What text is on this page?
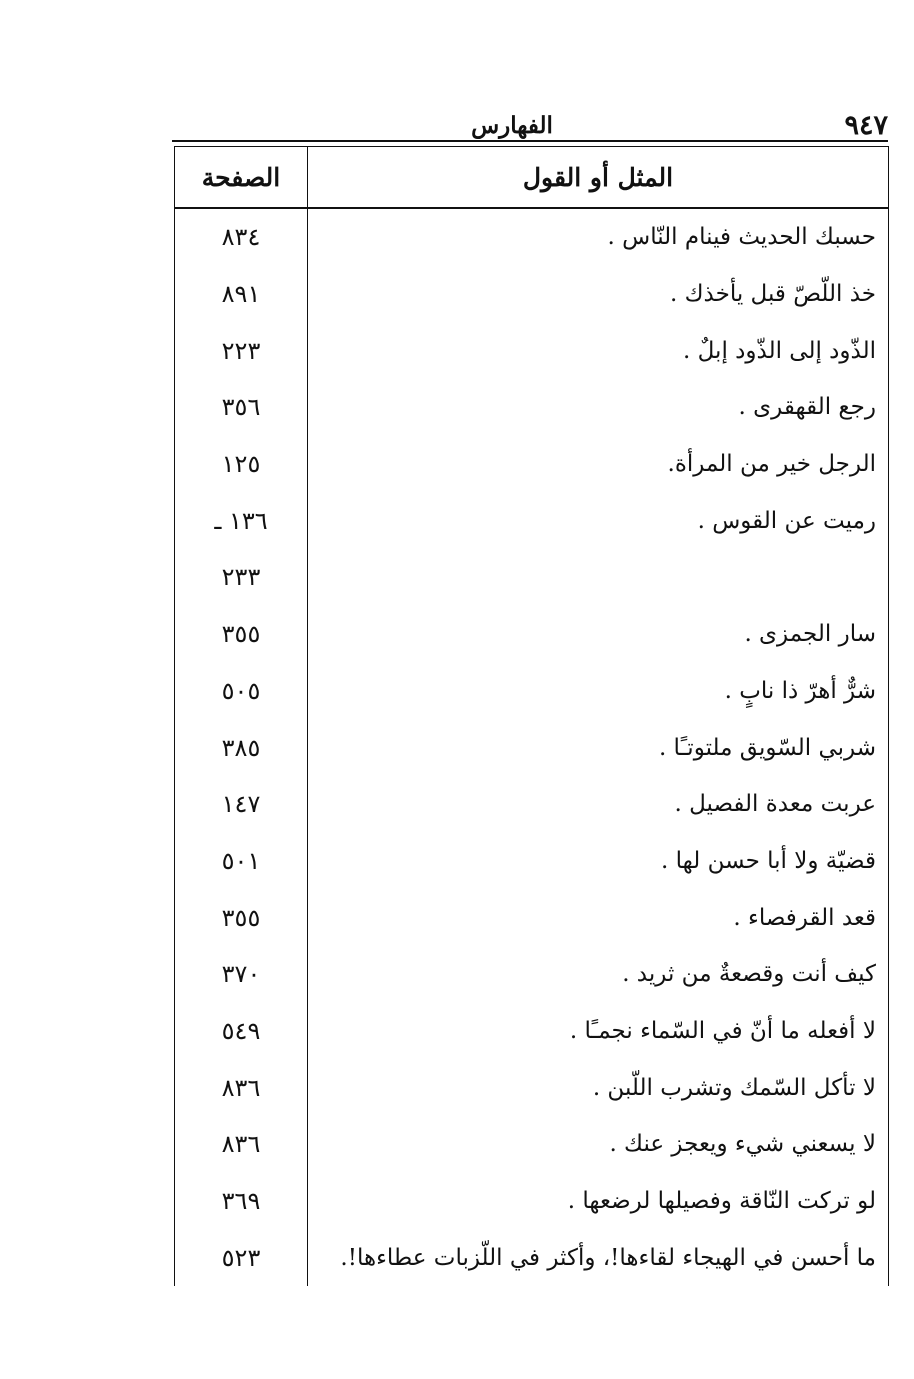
٩٤٧
الفهارس
المثل أو القول	الصفحة
حسبك الحديث فينام النّاس .	٨٣٤
خذ اللّصّ قبل يأخذك .	٨٩١
الذّود إلى الذّود إبلٌ .	٢٢٣
رجع القهقرى .	٣٥٦
الرجل خير من المرأة.	١٢٥
رميت عن القوس .	١٣٦ ـ
	٢٣٣
سار الجمزى .	٣٥٥
شرٌّ أهرّ ذا نابٍ .	٥٠٥
شربي السّويق ملتوتـًا .	٣٨٥
عربت معدة الفصيل .	١٤٧
قضيّة ولا أبا حسن لها .	٥٠١
قعد القرفصاء .	٣٥٥
كيف أنت وقصعةٌ من ثريد .	٣٧٠
لا أفعله ما أنّ في السّماء نجمـًا .	٥٤٩
لا تأكل السّمك وتشرب اللّبن .	٨٣٦
لا يسعني شيء ويعجز عنك .	٨٣٦
لو تركت النّاقة وفصيلها لرضعها .	٣٦٩
ما أحسن في الهيجاء لقاءها!، وأكثر في اللّزبات عطاءها!.	٥٢٣
